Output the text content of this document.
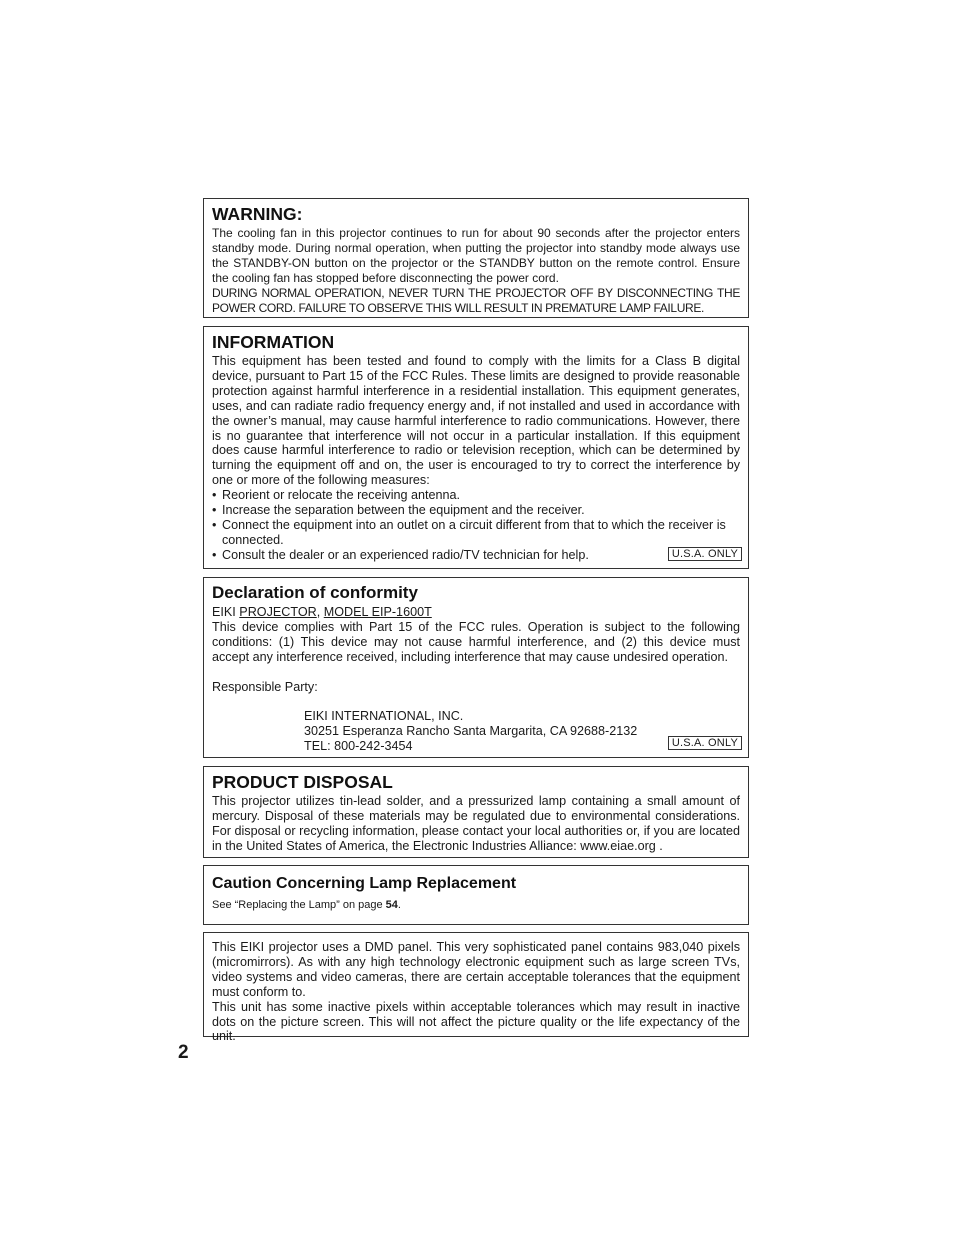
WARNING:

The cooling fan in this projector continues to run for about 90 seconds after the projector enters standby mode. During normal operation, when putting the projector into standby mode always use the STANDBY-ON button on the projector or the STANDBY button on the remote control. Ensure the cooling fan has stopped before disconnecting the power cord.

DURING NORMAL OPERATION, NEVER TURN THE PROJECTOR OFF BY DISCONNECTING THE POWER CORD. FAILURE TO OBSERVE THIS WILL RESULT IN PREMATURE LAMP FAILURE.

INFORMATION

This equipment has been tested and found to comply with the limits for a Class B digital device, pursuant to Part 15 of the FCC Rules. These limits are designed to provide reasonable protection against harmful interference in a residential installation. This equipment generates, uses, and can radiate radio frequency energy and, if not installed and used in accordance with the owner’s manual, may cause harmful interference to radio communications. However, there is no guarantee that interference will not occur in a particular installation. If this equipment does cause harmful interference to radio or television reception, which can be determined by turning the equipment off and on, the user is encouraged to try to correct the interference by one or more of the following measures:

• Reorient or relocate the receiving antenna.
• Increase the separation between the equipment and the receiver.
• Connect the equipment into an outlet on a circuit different from that to which the receiver is connected.
• Consult the dealer or an experienced radio/TV technician for help.	U.S.A. ONLY
Declaration of conformity

EIKI PROJECTOR, MODEL EIP-1600T

This device complies with Part 15 of the FCC rules. Operation is subject to the following conditions: (1) This device may not cause harmful interference, and (2) this device must accept any interference received, including interference that may cause undesired operation.

Responsible Party:

EIKI INTERNATIONAL, INC.
30251 Esperanza Rancho Santa Margarita, CA 92688-2132
TEL: 800-242-3454	U.S.A. ONLY
PRODUCT DISPOSAL

This projector utilizes tin-lead solder, and a pressurized lamp containing a small amount of mercury. Disposal of these materials may be regulated due to environmental considerations. For disposal or recycling information, please contact your local authorities or, if you are located in the United States of America, the Electronic Industries Alliance: www.eiae.org .

Caution Concerning Lamp Replacement

See “Replacing the Lamp” on page 54.

This EIKI projector uses a DMD panel. This very sophisticated panel contains 983,040 pixels (micromirrors). As with any high technology electronic equipment such as large screen TVs, video systems and video cameras, there are certain acceptable tolerances that the equipment must conform to.

This unit has some inactive pixels within acceptable tolerances which may result in inactive dots on the picture screen. This will not affect the picture quality or the life expectancy of the unit.

2
